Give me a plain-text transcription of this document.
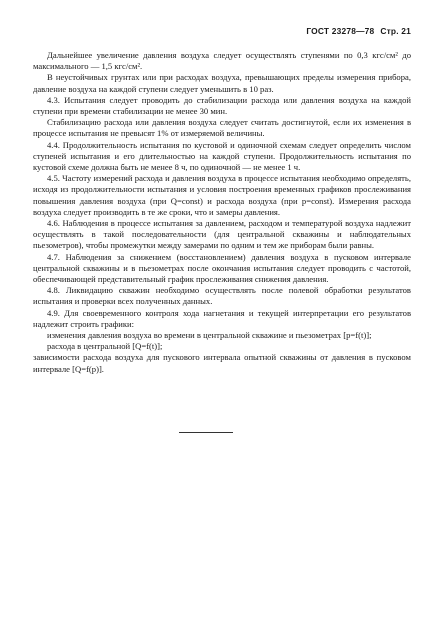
ГОСТ 23278—78 Стр. 21

Дальнейшее увеличение давления воздуха следует осуществлять ступенями по 0,3 кгс/см² до максимального — 1,5 кгс/см².

В неустойчивых грунтах или при расходах воздуха, превышающих пределы измерения прибора, давление воздуха на каждой ступени следует уменьшить в 10 раз.

4.3. Испытания следует проводить до стабилизации расхода или давления воздуха на каждой ступени при времени стабилизации не менее 30 мин.

Стабилизацию расхода или давления воздуха следует считать достигнутой, если их изменения в процессе испытания не превысят 1% от измеряемой величины.

4.4. Продолжительность испытания по кустовой и одиночной схемам следует определить числом ступеней испытания и его длительностью на каждой ступени. Продолжительность испытания по кустовой схеме должна быть не менее 8 ч, по одиночной — не менее 1 ч.

4.5. Частоту измерений расхода и давления воздуха в процессе испытания необходимо определять, исходя из продолжительности испытания и условия построения временных графиков прослеживания повышения давления воздуха (при Q=const) и расхода воздуха (при p=const). Измерения расхода воздуха следует производить в те же сроки, что и замеры давления.

4.6. Наблюдения в процессе испытания за давлением, расходом и температурой воздуха надлежит осуществлять в такой последовательности (для центральной скважины и наблюдательных пьезометров), чтобы промежутки между замерами по одним и тем же приборам были равны.

4.7. Наблюдения за снижением (восстановлением) давления воздуха в пусковом интервале центральной скважины и в пьезометрах после окончания испытания следует проводить с частотой, обеспечивающей представительный график прослеживания снижения давления.

4.8. Ликвидацию скважин необходимо осуществлять после полевой обработки результатов испытания и проверки всех полученных данных.

4.9. Для своевременного контроля хода нагнетания и текущей интерпретации его результатов надлежит строить графики:

изменения давления воздуха во времени в центральной скважине и пьезометрах [p=f(t)];

расхода в центральной [Q=f(t)];

зависимости расхода воздуха для пускового интервала опытной скважины от давления в пусковом интервале [Q=f(p)].
